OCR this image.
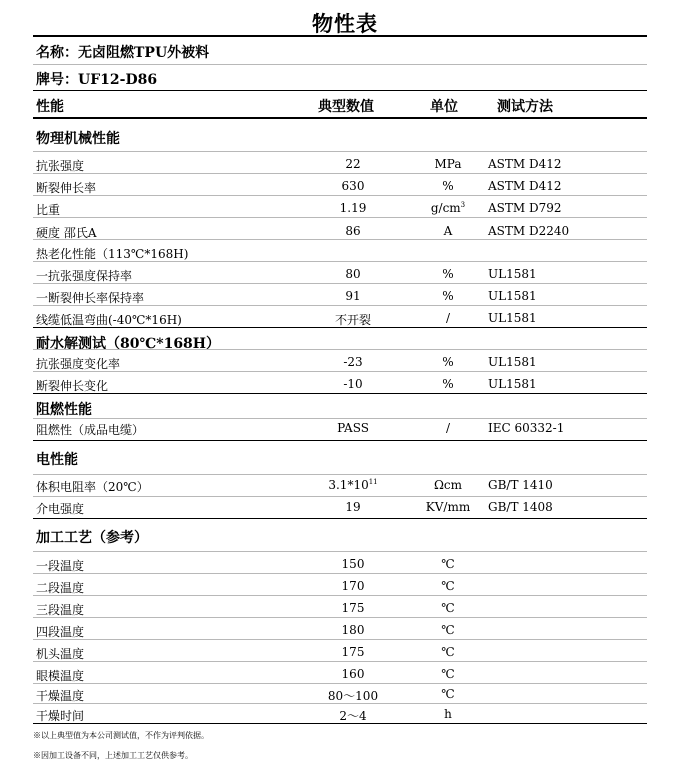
物性表
名称：无卤阻燃TPU外被料
牌号：UF12-D86
性能	典型数值	单位	测试方法
物理机械性能
耐水解测试（80℃*168H）
阻燃性能
电性能
加工工艺（参考）
抗张强度	22	MPa	ASTM D412
断裂伸长率	630	%	ASTM D412
比重	1.19	$g/cm^3$	ASTM D792
硬度 邵氏A	86	A	ASTM D2240
热老化性能（113℃*168H)
一抗张强度保持率	80	%	UL1581
一断裂伸长率保持率	91	%	UL1581
线缆低温弯曲(-40℃*16H)	不开裂	/	UL1581
抗张强度变化率	-23	%	UL1581
断裂伸长变化	-10	%	UL1581
阻燃性（成品电缆）	PASS	/	IEC 60332-1
体积电阻率（20℃）	$3.1*10^{11}$	Ωcm	GB/T 1410
介电强度	19	KV/mm	GB/T 1408
一段温度	150	℃
二段温度	170	℃
三段温度	175	℃
四段温度	180	℃
机头温度	175	℃
眼模温度	160	℃
干燥温度	80～100	℃
干燥时间	2～4	h
※以上典型值为本公司测试值，不作为评判依据。
※因加工设备不同，上述加工工艺仅供参考。
